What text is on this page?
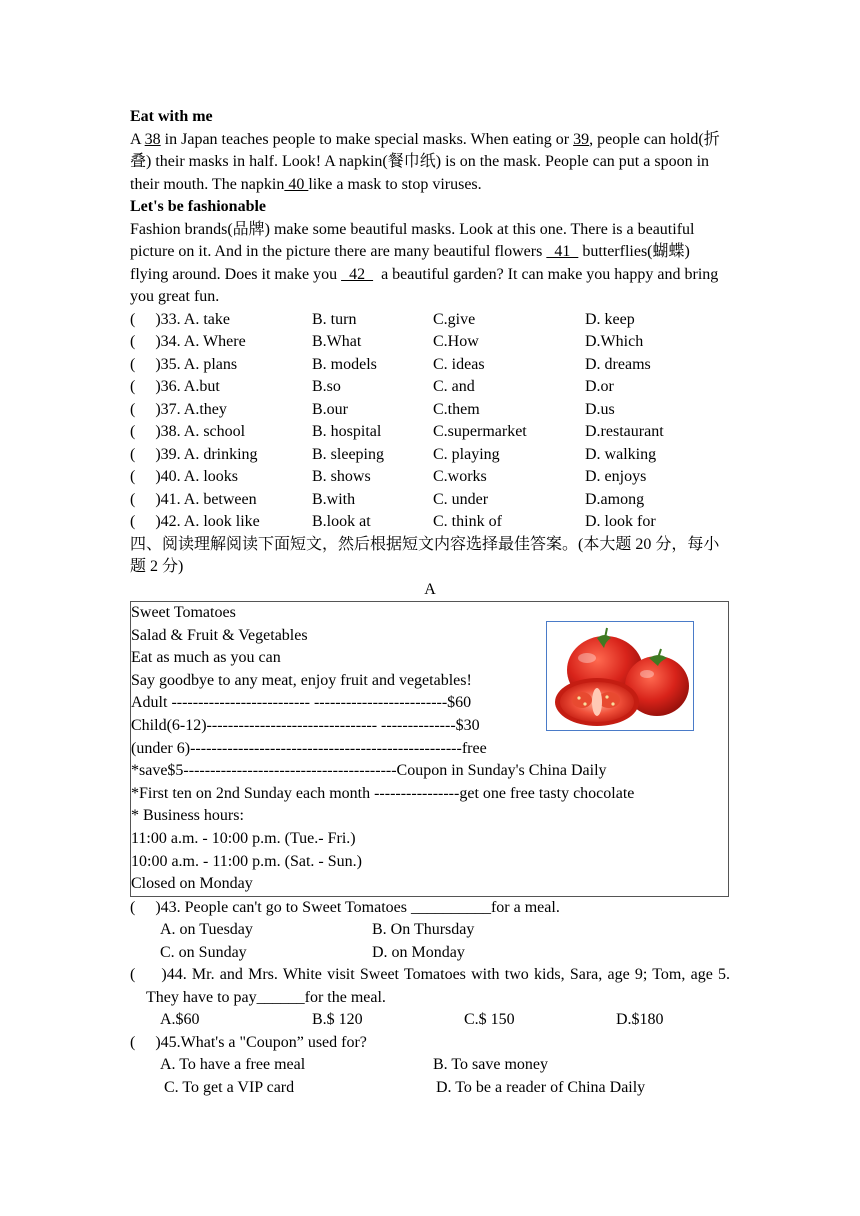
Eat with me

A 38 in Japan teaches people to make special masks. When eating or 39, people can hold(折叠) their masks in half. Look! A napkin(餐巾纸) is on the mask. People can put a spoon in their mouth. The napkin 40 like a mask to stop viruses.

Let's be fashionable

Fashion brands(品牌) make some beautiful masks. Look at this one. There is a beautiful picture on it. And in the picture there are many beautiful flowers   41   butterflies(蝴蝶) flying around. Does it make you   42    a beautiful garden? It can make you happy and bring you great fun.

(     )33. A. take	B. turn	C.give	D. keep
(     )34. A. Where	B.What	C.How	D.Which
(     )35. A. plans	B. models	C. ideas	D. dreams
(     )36. A.but	B.so	C. and	D.or
(     )37. A.they	B.our	C.them	D.us
(     )38. A. school	B. hospital	C.supermarket	D.restaurant
(     )39. A. drinking	B. sleeping	C. playing	D. walking
(     )40. A. looks	B. shows	C.works	D. enjoys
(     )41. A. between	B.with	C. under	D.among
(     )42. A. look like	B.look at	C. think of	D. look for

四、阅读理解阅读下面短文，然后根据短文内容选择最佳答案。(本大题 20 分，每小题 2 分)

A

Sweet Tomatoes
Salad & Fruit & Vegetables
Eat as much as you can
Say goodbye to any meat, enjoy fruit and vegetables!
Adult -------------------------- -------------------------$60
Child(6-12)-------------------------------- --------------$30
(under 6)---------------------------------------------------free
*save$5----------------------------------------Coupon in Sunday's China Daily
*First ten on 2nd Sunday each month ----------------get one free tasty chocolate
* Business hours:
11:00 a.m. - 10:00 p.m. (Tue.- Fri.)
10:00 a.m. - 11:00 p.m. (Sat. - Sun.)
Closed on Monday
(     )43. People can't go to Sweet Tomatoes __________for a meal.
A. on Tuesday	B. On Thursday
C. on Sunday	D. on Monday
(     )44. Mr. and Mrs. White visit Sweet Tomatoes with two kids, Sara, age 9; Tom, age 5. They have to pay______for the meal.
A.$60	B.$ 120	C.$ 150	D.$180
(     )45.What's a "Coupon” used for?
A. To have a free meal	B. To save money
C. To get a VIP card	D. To be a reader of China Daily
